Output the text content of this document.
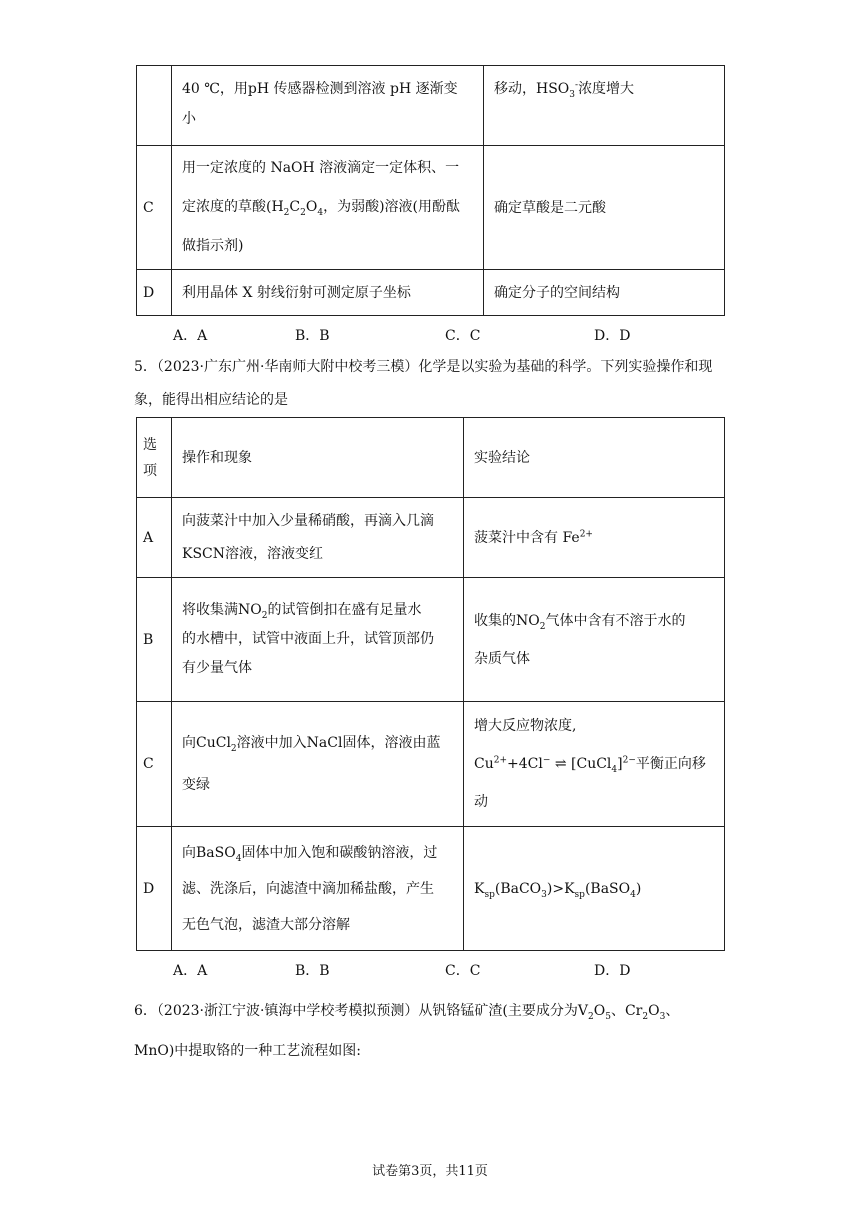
	40 ℃，用pH 传感器检测到溶液 pH 逐渐变
小	移动，$HSO_3^-$浓度增大
C	用一定浓度的 NaOH 溶液滴定一定体积、一
定浓度的草酸($H_2C_2O_4$，为弱酸)溶液(用酚酞
做指示剂)	确定草酸是二元酸
D	利用晶体 X 射线衍射可测定原子坐标	确定分子的空间结构
A．A	B．B	C．C	D．D
5．（2023·广东广州·华南师大附中校考三模）化学是以实验为基础的科学。下列实验操作和现象，能得出相应结论的是
选
项	操作和现象	实验结论
A	向菠菜汁中加入少量稀硝酸，再滴入几滴
KSCN溶液，溶液变红	菠菜汁中含有 $Fe^{2+}$
B	将收集满$NO_2$的试管倒扣在盛有足量水
的水槽中，试管中液面上升，试管顶部仍
有少量气体	收集的$NO_2$气体中含有不溶于水的
杂质气体

C	向CuCl$_2$溶液中加入NaCl固体，溶液由蓝
变绿	增大反应物浓度,
$Cu^{2+}+4Cl^-$ ⇌ [CuCl$_4$]$^{2-}$平衡正向移
动

D	向BaSO$_4$固体中加入饱和碳酸钠溶液，过
滤、洗涤后，向滤渣中滴加稀盐酸，产生
无色气泡，滤渣大部分溶解	$K_{sp}(BaCO_3)>K_{sp}(BaSO_4)$
A．A	B．B	C．C	D．D
6．（2023·浙江宁波·镇海中学校考模拟预测）从钒铬锰矿渣(主要成分为$V_2O_5$、$Cr_2O_3$、
MnO)中提取铬的一种工艺流程如图:
试卷第3页，共11页
